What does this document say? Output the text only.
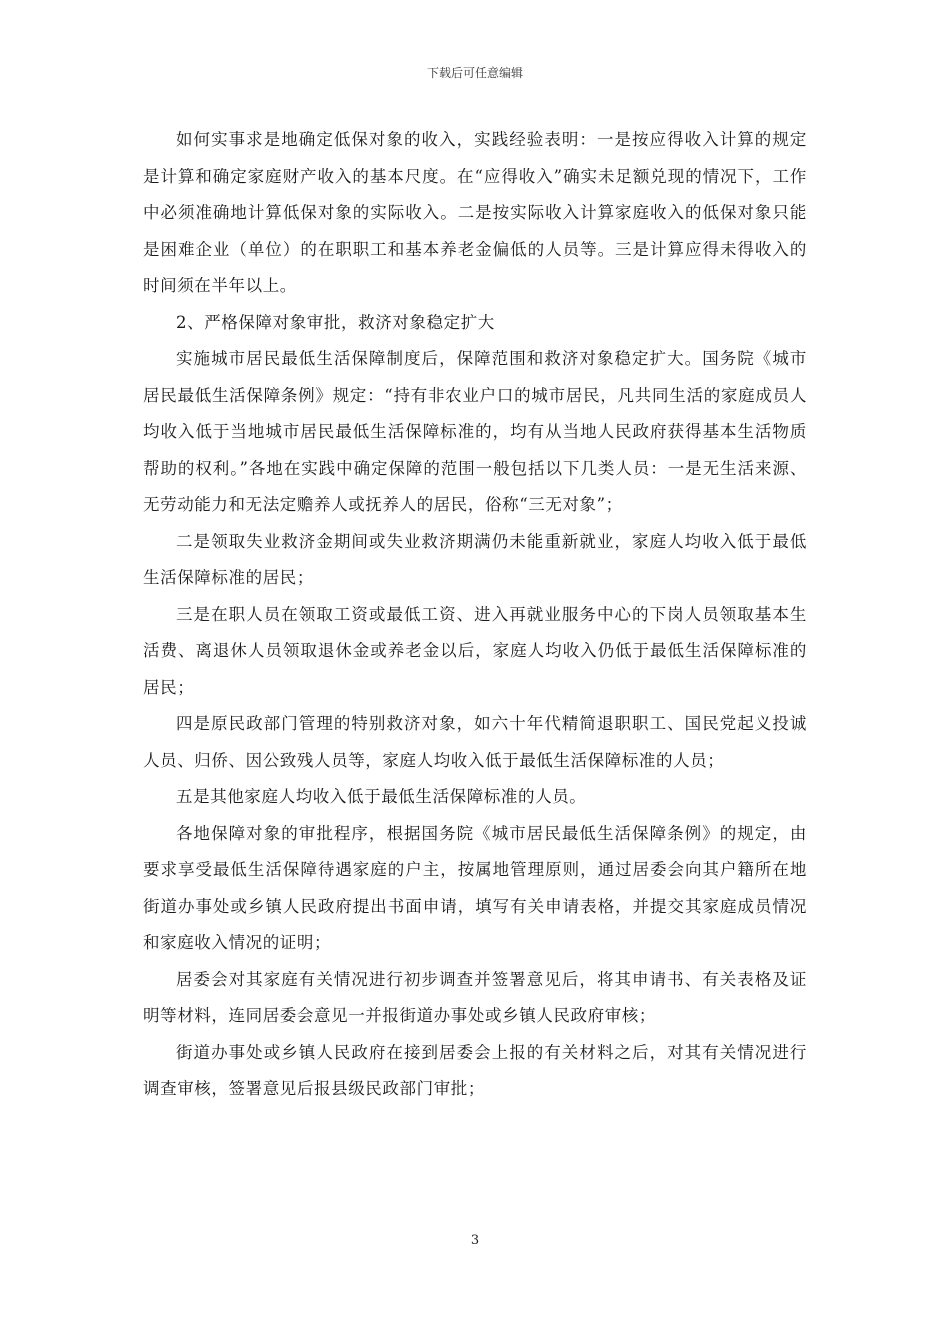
下载后可任意编辑

如何实事求是地确定低保对象的收入，实践经验表明：一是按应得收入计算的规定是计算和确定家庭财产收入的基本尺度。在“应得收入”确实未足额兑现的情况下，工作中必须准确地计算低保对象的实际收入。二是按实际收入计算家庭收入的低保对象只能是困难企业（单位）的在职职工和基本养老金偏低的人员等。三是计算应得未得收入的时间须在半年以上。

2、严格保障对象审批，救济对象稳定扩大

实施城市居民最低生活保障制度后，保障范围和救济对象稳定扩大。国务院《城市居民最低生活保障条例》规定：“持有非农业户口的城市居民，凡共同生活的家庭成员人均收入低于当地城市居民最低生活保障标准的，均有从当地人民政府获得基本生活物质帮助的权利。”各地在实践中确定保障的范围一般包括以下几类人员：一是无生活来源、无劳动能力和无法定赡养人或抚养人的居民，俗称“三无对象”；

二是领取失业救济金期间或失业救济期满仍未能重新就业，家庭人均收入低于最低生活保障标准的居民；

三是在职人员在领取工资或最低工资、进入再就业服务中心的下岗人员领取基本生活费、离退休人员领取退休金或养老金以后，家庭人均收入仍低于最低生活保障标准的居民；

四是原民政部门管理的特别救济对象，如六十年代精简退职职工、国民党起义投诚人员、归侨、因公致残人员等，家庭人均收入低于最低生活保障标准的人员；

五是其他家庭人均收入低于最低生活保障标准的人员。

各地保障对象的审批程序，根据国务院《城市居民最低生活保障条例》的规定，由要求享受最低生活保障待遇家庭的户主，按属地管理原则，通过居委会向其户籍所在地街道办事处或乡镇人民政府提出书面申请，填写有关申请表格，并提交其家庭成员情况和家庭收入情况的证明；

居委会对其家庭有关情况进行初步调查并签署意见后，将其申请书、有关表格及证明等材料，连同居委会意见一并报街道办事处或乡镇人民政府审核；

街道办事处或乡镇人民政府在接到居委会上报的有关材料之后，对其有关情况进行调查审核，签署意见后报县级民政部门审批；

3
